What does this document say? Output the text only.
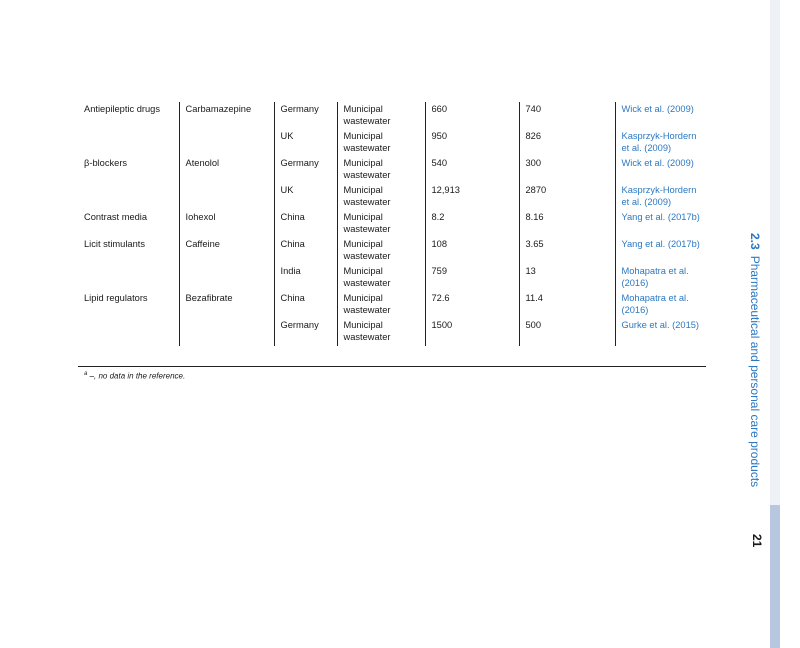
Antiepileptic drugs	Carbamazepine	Germany	Municipal wastewater	660	740	Wick et al. (2009)
		UK	Municipal wastewater	950	826	Kasprzyk-Hordern et al. (2009)
β-blockers	Atenolol	Germany	Municipal wastewater	540	300	Wick et al. (2009)
		UK	Municipal wastewater	12,913	2870	Kasprzyk-Hordern et al. (2009)
Contrast media	Iohexol	China	Municipal wastewater	8.2	8.16	Yang et al. (2017b)
Licit stimulants	Caffeine	China	Municipal wastewater	108	3.65	Yang et al. (2017b)
		India	Municipal wastewater	759	13	Mohapatra et al. (2016)
Lipid regulators	Bezafibrate	China	Municipal wastewater	72.6	11.4	Mohapatra et al. (2016)
		Germany	Municipal wastewater	1500	500	Gurke et al. (2015)
$^a$ –, no data in the reference.
2.3Pharmaceutical and personal care products
21
